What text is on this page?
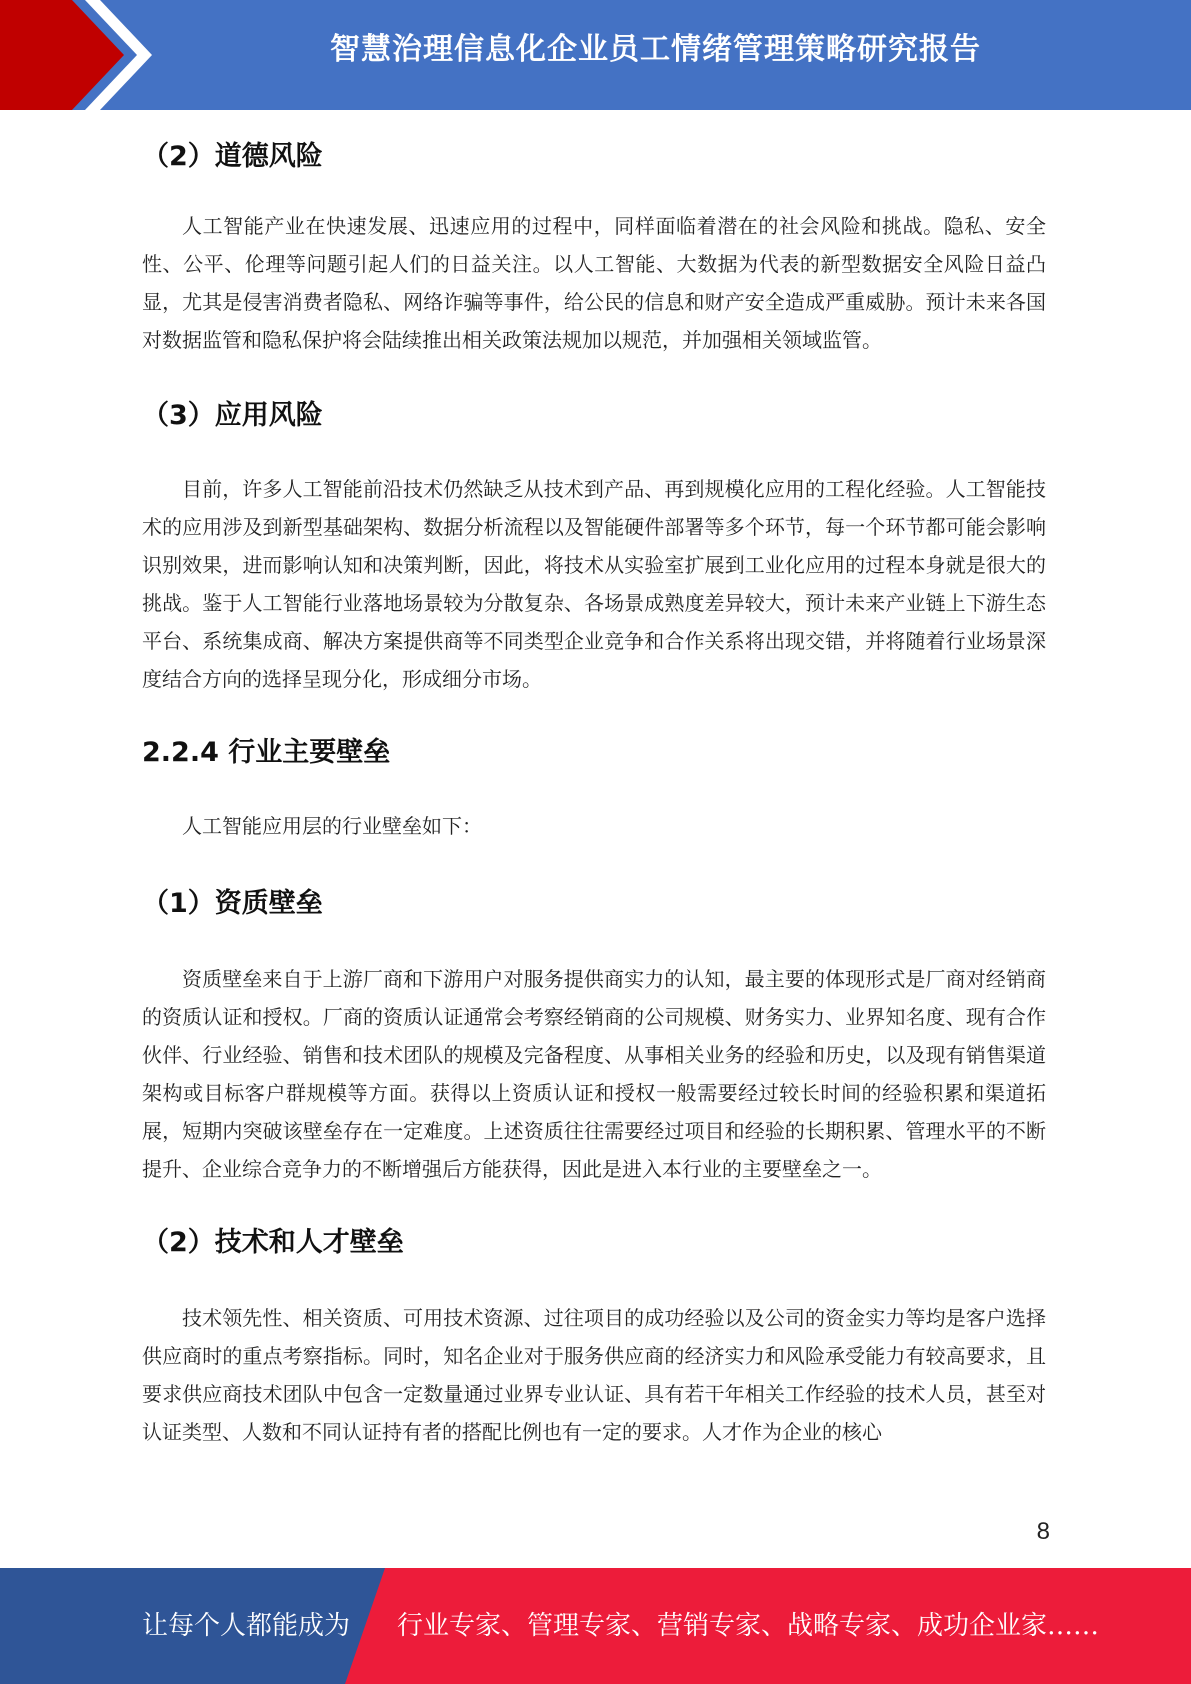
智慧治理信息化企业员工情绪管理策略研究报告
（2）道德风险

人工智能产业在快速发展、迅速应用的过程中，同样面临着潜在的社会风险和挑战。隐私、安全性、公平、伦理等问题引起人们的日益关注。以人工智能、大数据为代表的新型数据安全风险日益凸显，尤其是侵害消费者隐私、网络诈骗等事件，给公民的信息和财产安全造成严重威胁。预计未来各国对数据监管和隐私保护将会陆续推出相关政策法规加以规范，并加强相关领域监管。

（3）应用风险

目前，许多人工智能前沿技术仍然缺乏从技术到产品、再到规模化应用的工程化经验。人工智能技术的应用涉及到新型基础架构、数据分析流程以及智能硬件部署等多个环节，每一个环节都可能会影响识别效果，进而影响认知和决策判断，因此，将技术从实验室扩展到工业化应用的过程本身就是很大的挑战。鉴于人工智能行业落地场景较为分散复杂、各场景成熟度差异较大，预计未来产业链上下游生态平台、系统集成商、解决方案提供商等不同类型企业竞争和合作关系将出现交错，并将随着行业场景深度结合方向的选择呈现分化，形成细分市场。

2.2.4 行业主要壁垒

人工智能应用层的行业壁垒如下：

（1）资质壁垒

资质壁垒来自于上游厂商和下游用户对服务提供商实力的认知，最主要的体现形式是厂商对经销商的资质认证和授权。厂商的资质认证通常会考察经销商的公司规模、财务实力、业界知名度、现有合作伙伴、行业经验、销售和技术团队的规模及完备程度、从事相关业务的经验和历史，以及现有销售渠道架构或目标客户群规模等方面。获得以上资质认证和授权一般需要经过较长时间的经验积累和渠道拓展，短期内突破该壁垒存在一定难度。上述资质往往需要经过项目和经验的长期积累、管理水平的不断提升、企业综合竞争力的不断增强后方能获得，因此是进入本行业的主要壁垒之一。

（2）技术和人才壁垒

技术领先性、相关资质、可用技术资源、过往项目的成功经验以及公司的资金实力等均是客户选择供应商时的重点考察指标。同时，知名企业对于服务供应商的经济实力和风险承受能力有较高要求，且要求供应商技术团队中包含一定数量通过业界专业认证、具有若干年相关工作经验的技术人员，甚至对认证类型、人数和不同认证持有者的搭配比例也有一定的要求。人才作为企业的核心

8
让每个人都能成为 行业专家、管理专家、营销专家、战略专家、成功企业家……
